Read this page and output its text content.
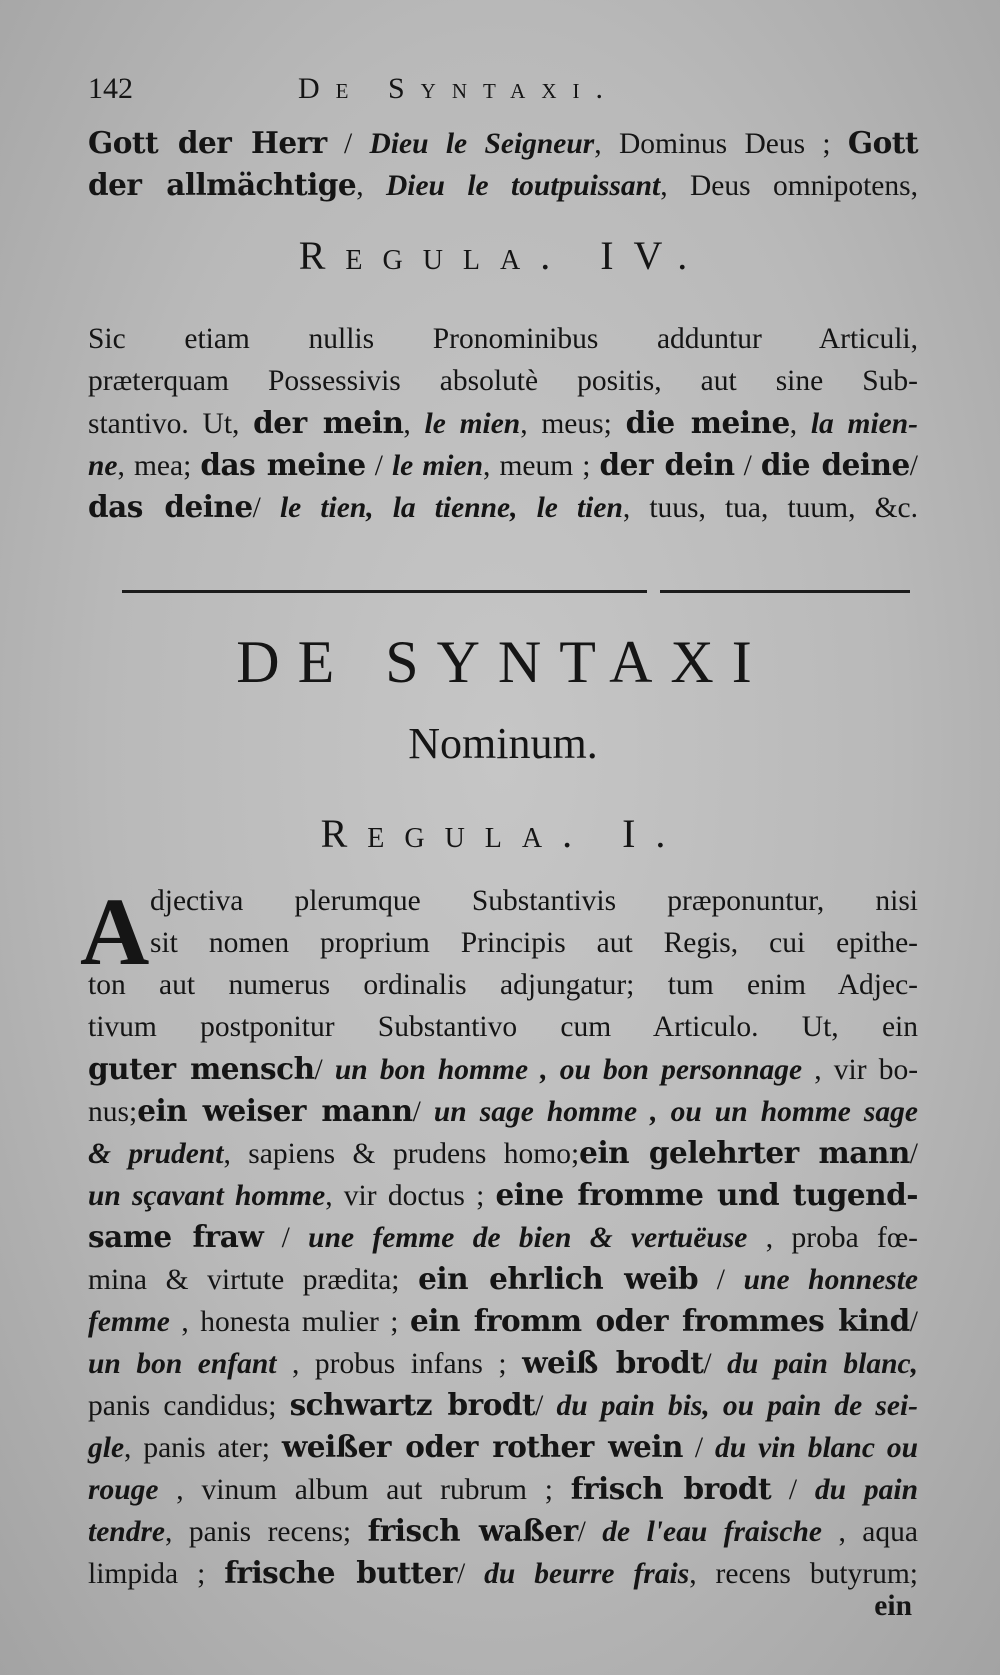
142	De Syntaxi.
Gott der Herr / Dieu le Seigneur, Dominus Deus ; Gott
der allmächtige, Dieu le toutpuissant, Deus omnipotens,
Regula. IV.
Sic etiam nullis Pronominibus adduntur Articuli,
præterquam Possessivis absolutè positis, aut sine Sub-
stantivo. Ut, der mein, le mien, meus; die meine, la mien-
ne, mea; das meine / le mien, meum ; der dein / die deine/
das deine/ le tien, la tienne, le tien, tuus, tua, tuum, &c.
DE SYNTAXI
Nominum.
Regula. I.
A djectiva plerumque Substantivis præponuntur, nisi
sit nomen proprium Principis aut Regis, cui epithe-
ton aut numerus ordinalis adjungatur; tum enim Adjec-
tivum postponitur Substantivo cum Articulo. Ut, ein
guter mensch/ un bon homme , ou bon personnage , vir bo-
nus;ein weiser mann/ un sage homme , ou un homme sage
& prudent, sapiens & prudens homo;ein gelehrter mann/
un sçavant homme, vir doctus ; eine fromme und tugend-
same fraw / une femme de bien & vertuëuse , proba fœ-
mina & virtute prædita; ein ehrlich weib / une honneste
femme , honesta mulier ; ein fromm oder frommes kind/
un bon enfant , probus infans ; weiß brodt/ du pain blanc,
panis candidus; schwartz brodt/ du pain bis, ou pain de sei-
gle, panis ater; weißer oder rother wein / du vin blanc ou
rouge , vinum album aut rubrum ; frisch brodt / du pain
tendre, panis recens; frisch waßer/ de l'eau fraische , aqua
limpida ; frische butter/ du beurre frais, recens butyrum;
ein
